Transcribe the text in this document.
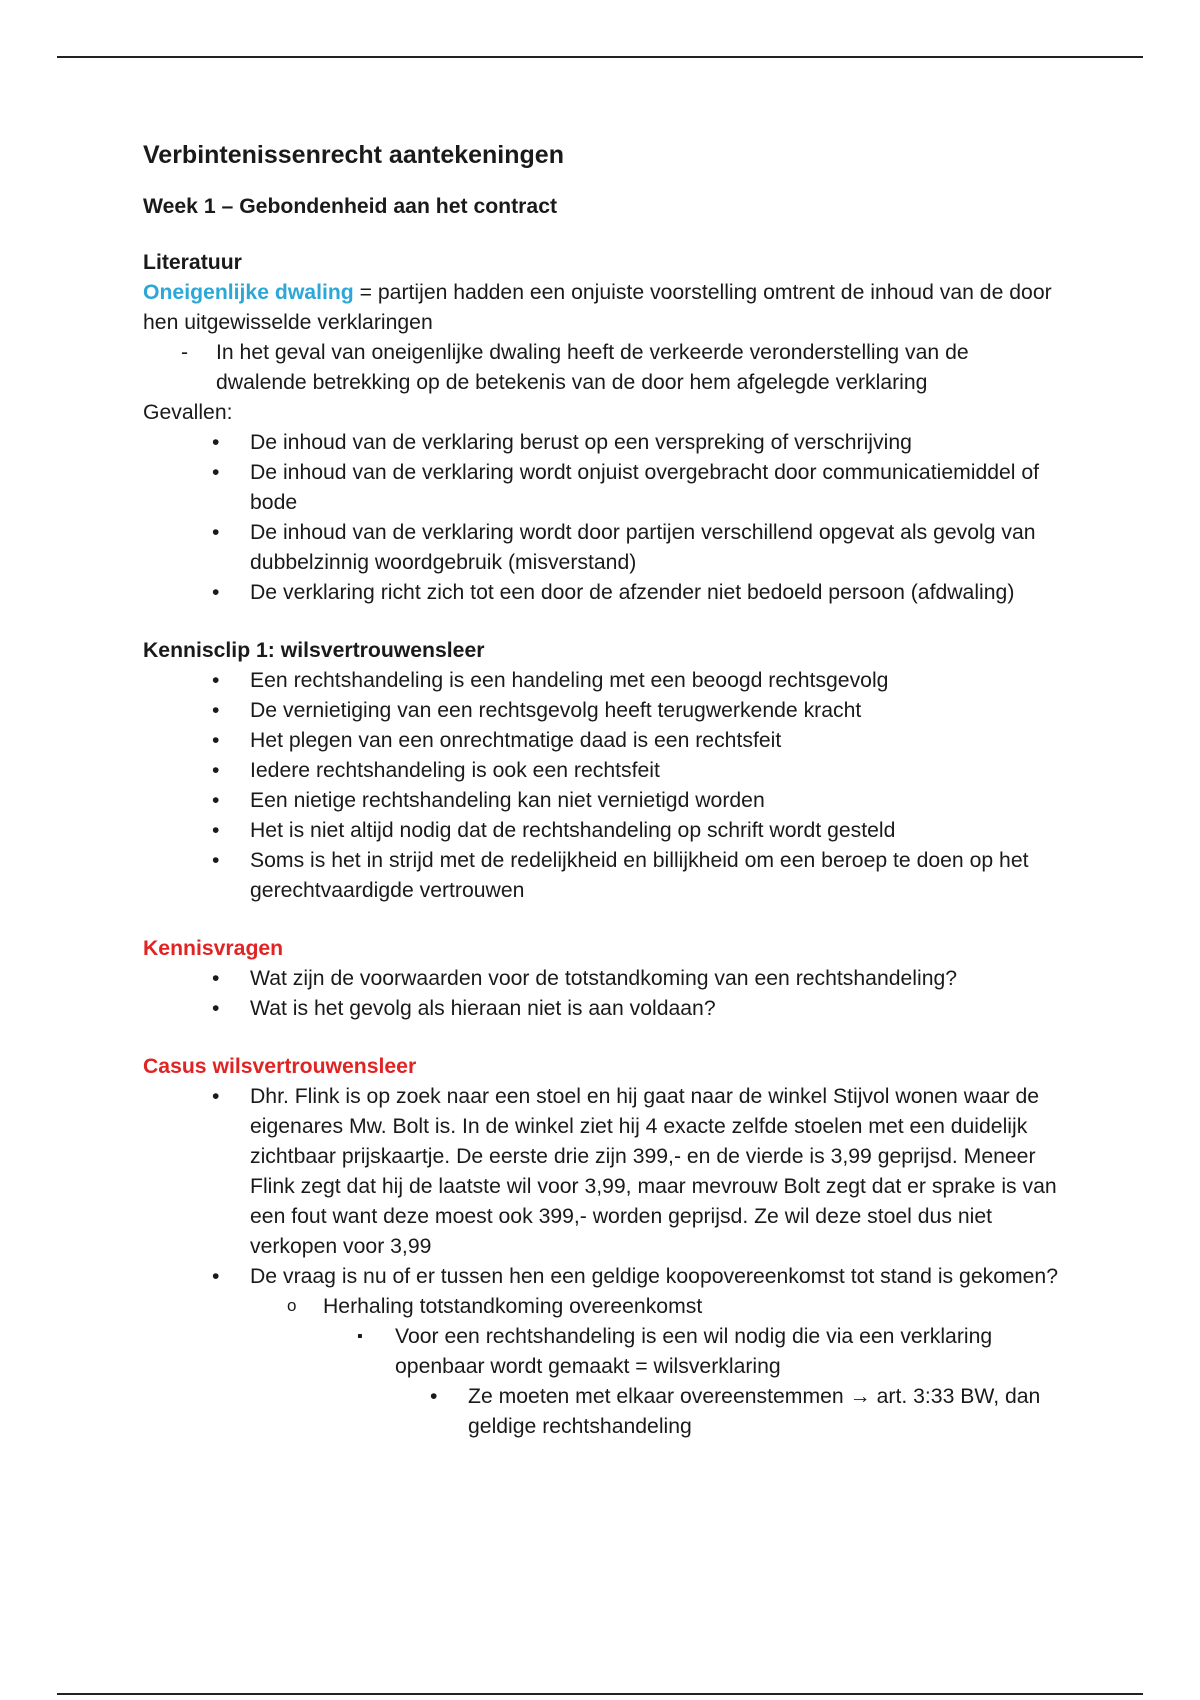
Verbintenissenrecht aantekeningen
Week 1 – Gebondenheid aan het contract
Literatuur
Oneigenlijke dwaling = partijen hadden een onjuiste voorstelling omtrent de inhoud van de door hen uitgewisselde verklaringen
- In het geval van oneigenlijke dwaling heeft de verkeerde veronderstelling van de dwalende betrekking op de betekenis van de door hem afgelegde verklaring
Gevallen:
• De inhoud van de verklaring berust op een verspreking of verschrijving
• De inhoud van de verklaring wordt onjuist overgebracht door communicatiemiddel of bode
• De inhoud van de verklaring wordt door partijen verschillend opgevat als gevolg van dubbelzinnig woordgebruik (misverstand)
• De verklaring richt zich tot een door de afzender niet bedoeld persoon (afdwaling)
Kennisclip 1: wilsvertrouwensleer
• Een rechtshandeling is een handeling met een beoogd rechtsgevolg
• De vernietiging van een rechtsgevolg heeft terugwerkende kracht
• Het plegen van een onrechtmatige daad is een rechtsfeit
• Iedere rechtshandeling is ook een rechtsfeit
• Een nietige rechtshandeling kan niet vernietigd worden
• Het is niet altijd nodig dat de rechtshandeling op schrift wordt gesteld
• Soms is het in strijd met de redelijkheid en billijkheid om een beroep te doen op het gerechtvaardigde vertrouwen
Kennisvragen
• Wat zijn de voorwaarden voor de totstandkoming van een rechtshandeling?
• Wat is het gevolg als hieraan niet is aan voldaan?
Casus wilsvertrouwensleer
• Dhr. Flink is op zoek naar een stoel en hij gaat naar de winkel Stijvol wonen waar de eigenares Mw. Bolt is. In de winkel ziet hij 4 exacte zelfde stoelen met een duidelijk zichtbaar prijskaartje. De eerste drie zijn 399,- en de vierde is 3,99 geprijsd. Meneer Flink zegt dat hij de laatste wil voor 3,99, maar mevrouw Bolt zegt dat er sprake is van een fout want deze moest ook 399,- worden geprijsd. Ze wil deze stoel dus niet verkopen voor 3,99
• De vraag is nu of er tussen hen een geldige koopovereenkomst tot stand is gekomen?
o Herhaling totstandkoming overeenkomst
▪ Voor een rechtshandeling is een wil nodig die via een verklaring openbaar wordt gemaakt = wilsverklaring
• Ze moeten met elkaar overeenstemmen → art. 3:33 BW, dan geldige rechtshandeling
